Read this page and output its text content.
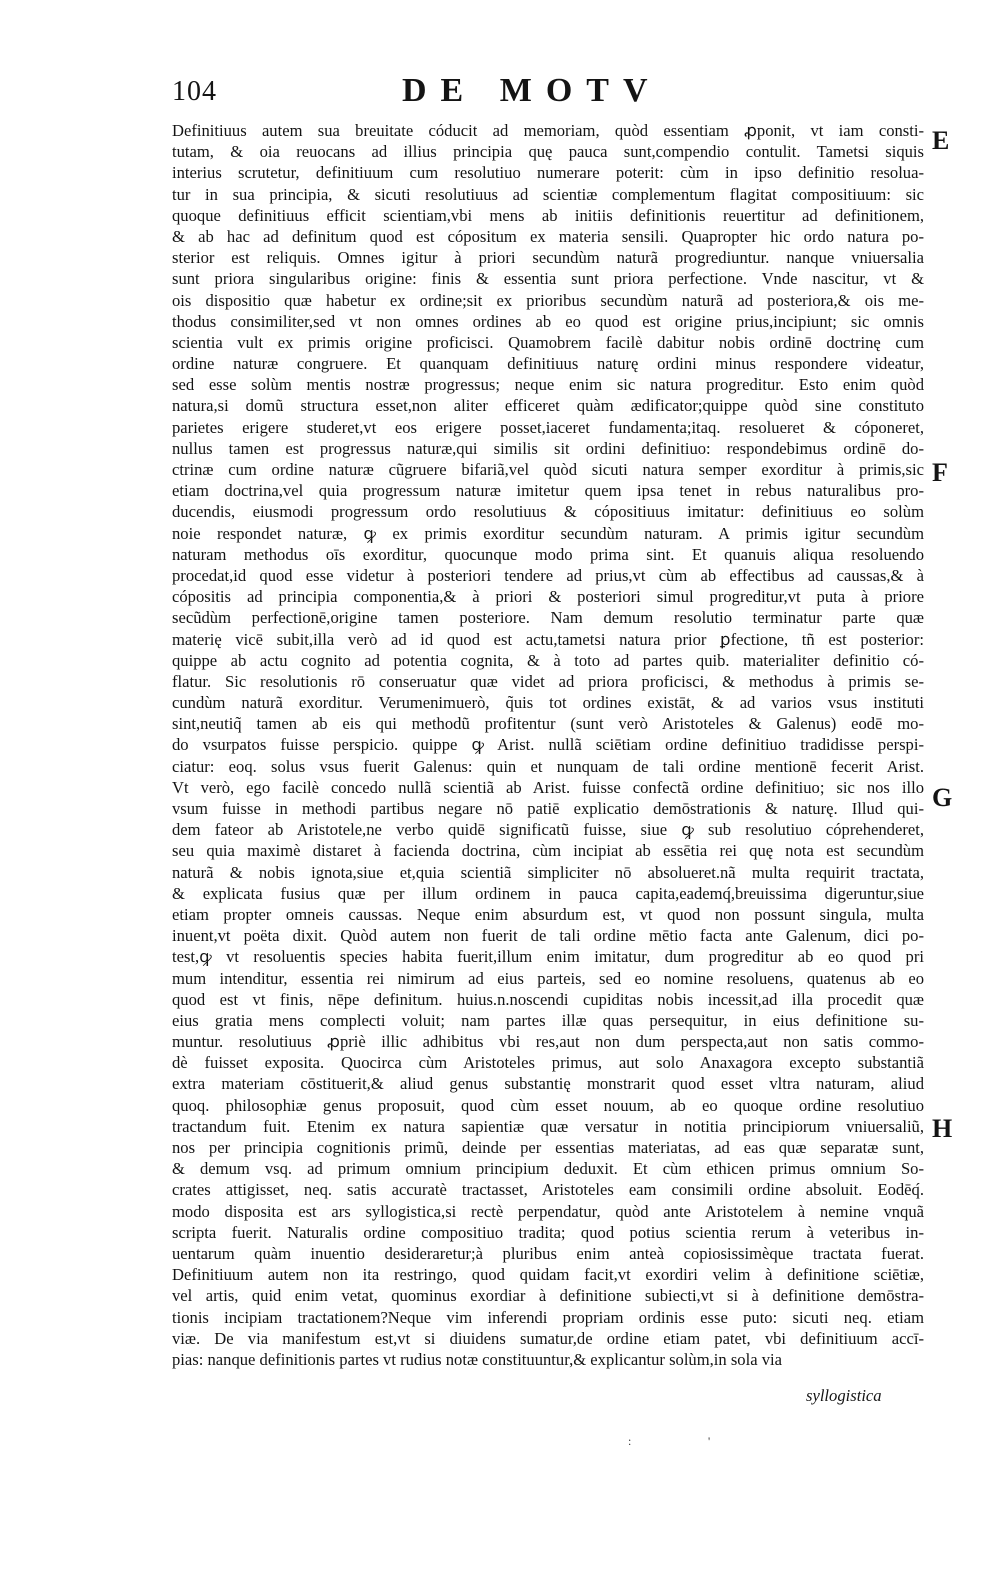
104	DE MOTV
Definitiuus autem sua breuitate códucit ad memoriam, quòd essentiam ꝓponit, vt iam consti-
tutam, & oia reuocans ad illius principia quę pauca sunt,compendio contulit. Tametsi siquis
interius scrutetur, definitiuum cum resolutiuo numerare poterit: cùm in ipso definitio resolua-
tur in sua principia, & sicuti resolutiuus ad scientiæ complementum flagitat compositiuum: sic
quoque definitiuus efficit scientiam,vbi mens ab initiis definitionis reuertitur ad definitionem,
& ab hac ad definitum quod est cópositum ex materia sensili. Quapropter hic ordo natura po-
sterior est reliquis. Omnes igitur à priori secundùm naturã progrediuntur. nanque vniuersalia
sunt priora singularibus origine: finis & essentia sunt priora perfectione. Vnde nascitur, vt &
ois dispositio quæ habetur ex ordine;sit ex prioribus secundùm naturã ad posteriora,& ois me-
thodus consimiliter,sed vt non omnes ordines ab eo quod est origine prius,incipiunt; sic omnis
scientia vult ex primis origine proficisci. Quamobrem facilè dabitur nobis ordinē doctrinę cum
ordine naturæ congruere. Et quanquam definitiuus naturę ordini minus respondere videatur,
sed esse solùm mentis nostræ progressus; neque enim sic natura progreditur. Esto enim quòd
natura,si domũ structura esset,non aliter efficeret quàm ædificator;quippe quòd sine constituto
parietes erigere studeret,vt eos erigere posset,iaceret fundamenta;itaq. resolueret & cóponeret,
nullus tamen est progressus naturæ,qui similis sit ordini definitiuo: respondebimus ordinē do-
ctrinæ cum ordine naturæ cũgruere bifariã,vel quòd sicuti natura semper exorditur à primis,sic
etiam doctrina,vel quia progressum naturæ imitetur quem ipsa tenet in rebus naturalibus pro-
ducendis, eiusmodi progressum ordo resolutiuus & cópositiuus imitatur: definitiuus eo solùm
noie respondet naturæ, ꝙ ex primis exorditur secundùm naturam. A primis igitur secundùm
naturam methodus oīs exorditur, quocunque modo prima sint. Et quanuis aliqua resoluendo
procedat,id quod esse videtur à posteriori tendere ad prius,vt cùm ab effectibus ad caussas,& à
cópositis ad principia componentia,& à priori & posteriori simul progreditur,vt puta à priore
secũdùm perfectionē,origine tamen posteriore. Nam demum resolutio terminatur parte quæ
materię vicē subit,illa verò ad id quod est actu,tametsi natura prior ꝑfectione, tñ est posterior:
quippe ab actu cognito ad potentia cognita, & à toto ad partes quib. materialiter definitio có-
flatur. Sic resolutionis rō conseruatur quæ videt ad priora proficisci, & methodus à primis se-
cundùm naturã exorditur. Verumenimuerò, q̃uis tot ordines existāt, & ad varios vsus instituti
sint,neutiq̃ tamen ab eis qui methodũ profitentur (sunt verò Aristoteles & Galenus) eodē mo-
do vsurpatos fuisse perspicio. quippe ꝙ Arist. nullã sciētiam ordine definitiuo tradidisse perspi-
ciatur: eoq. solus vsus fuerit Galenus: quin et nunquam de tali ordine mentionē fecerit Arist.
Vt verò, ego facilè concedo nullã scientiã ab Arist. fuisse confectã ordine definitiuo; sic nos illo
vsum fuisse in methodi partibus negare nō patiē explicatio demōstrationis & naturę. Illud qui-
dem fateor ab Aristotele,ne verbo quidē significatũ fuisse, siue ꝙ sub resolutiuo cóprehenderet,
seu quia maximè distaret à facienda doctrina, cùm incipiat ab essētia rei quę nota est secundùm
naturã & nobis ignota,siue et,quia scientiã simpliciter nō absolueret.nã multa requirit tractata,
& explicata fusius quæ per illum ordinem in pauca capita,eademq́,breuissima digeruntur,siue
etiam propter omneis caussas. Neque enim absurdum est, vt quod non possunt singula, multa
inuent,vt poëta dixit. Quòd autem non fuerit de tali ordine mētio facta ante Galenum, dici po-
test,ꝙ vt resoluentis species habita fuerit,illum enim imitatur, dum progreditur ab eo quod pri
mum intenditur, essentia rei nimirum ad eius parteis, sed eo nomine resoluens, quatenus ab eo
quod est vt finis, nēpe definitum. huius.n.noscendi cupiditas nobis incessit,ad illa procedit quæ
eius gratia mens complecti voluit; nam partes illæ quas persequitur, in eius definitione su-
muntur. resolutiuus ꝓpriè illic adhibitus vbi res,aut non dum perspecta,aut non satis commo-
dè fuisset exposita. Quocirca cùm Aristoteles primus, aut solo Anaxagora excepto substantiã
extra materiam cōstituerit,& aliud genus substantię monstrarit quod esset vltra naturam, aliud
quoq. philosophiæ genus proposuit, quod cùm esset nouum, ab eo quoque ordine resolutiuo
tractandum fuit. Etenim ex natura sapientiæ quæ versatur in notitia principiorum vniuersaliũ,
nos per principia cognitionis primũ, deinde per essentias materiatas, ad eas quæ separatæ sunt,
& demum vsq. ad primum omnium principium deduxit. Et cùm ethicen primus omnium So-
crates attigisset, neq. satis accuratè tractasset, Aristoteles eam consimili ordine absoluit. Eodēq́.
modo disposita est ars syllogistica,si rectè perpendatur, quòd ante Aristotelem à nemine vnquã
scripta fuerit. Naturalis ordine compositiuo tradita; quod potius scientia rerum à veteribus in-
uentarum quàm inuentio desideraretur;à pluribus enim anteà copiosissimèque tractata fuerat.
Definitiuum autem non ita restringo, quod quidam facit,vt exordiri velim à definitione sciētiæ,
vel artis, quid enim vetat, quominus exordiar à definitione subiecti,vt si à definitione demōstra-
tionis incipiam tractationem?Neque vim inferendi propriam ordinis esse puto: sicuti neq. etiam
viæ. De via manifestum est,vt si diuidens sumatur,de ordine etiam patet, vbi definitiuum accī-
pias: nanque definitionis partes vt rudius notæ constituuntur,& explicantur solùm,in sola via
syllogistica
E
F
G
H
:	'
